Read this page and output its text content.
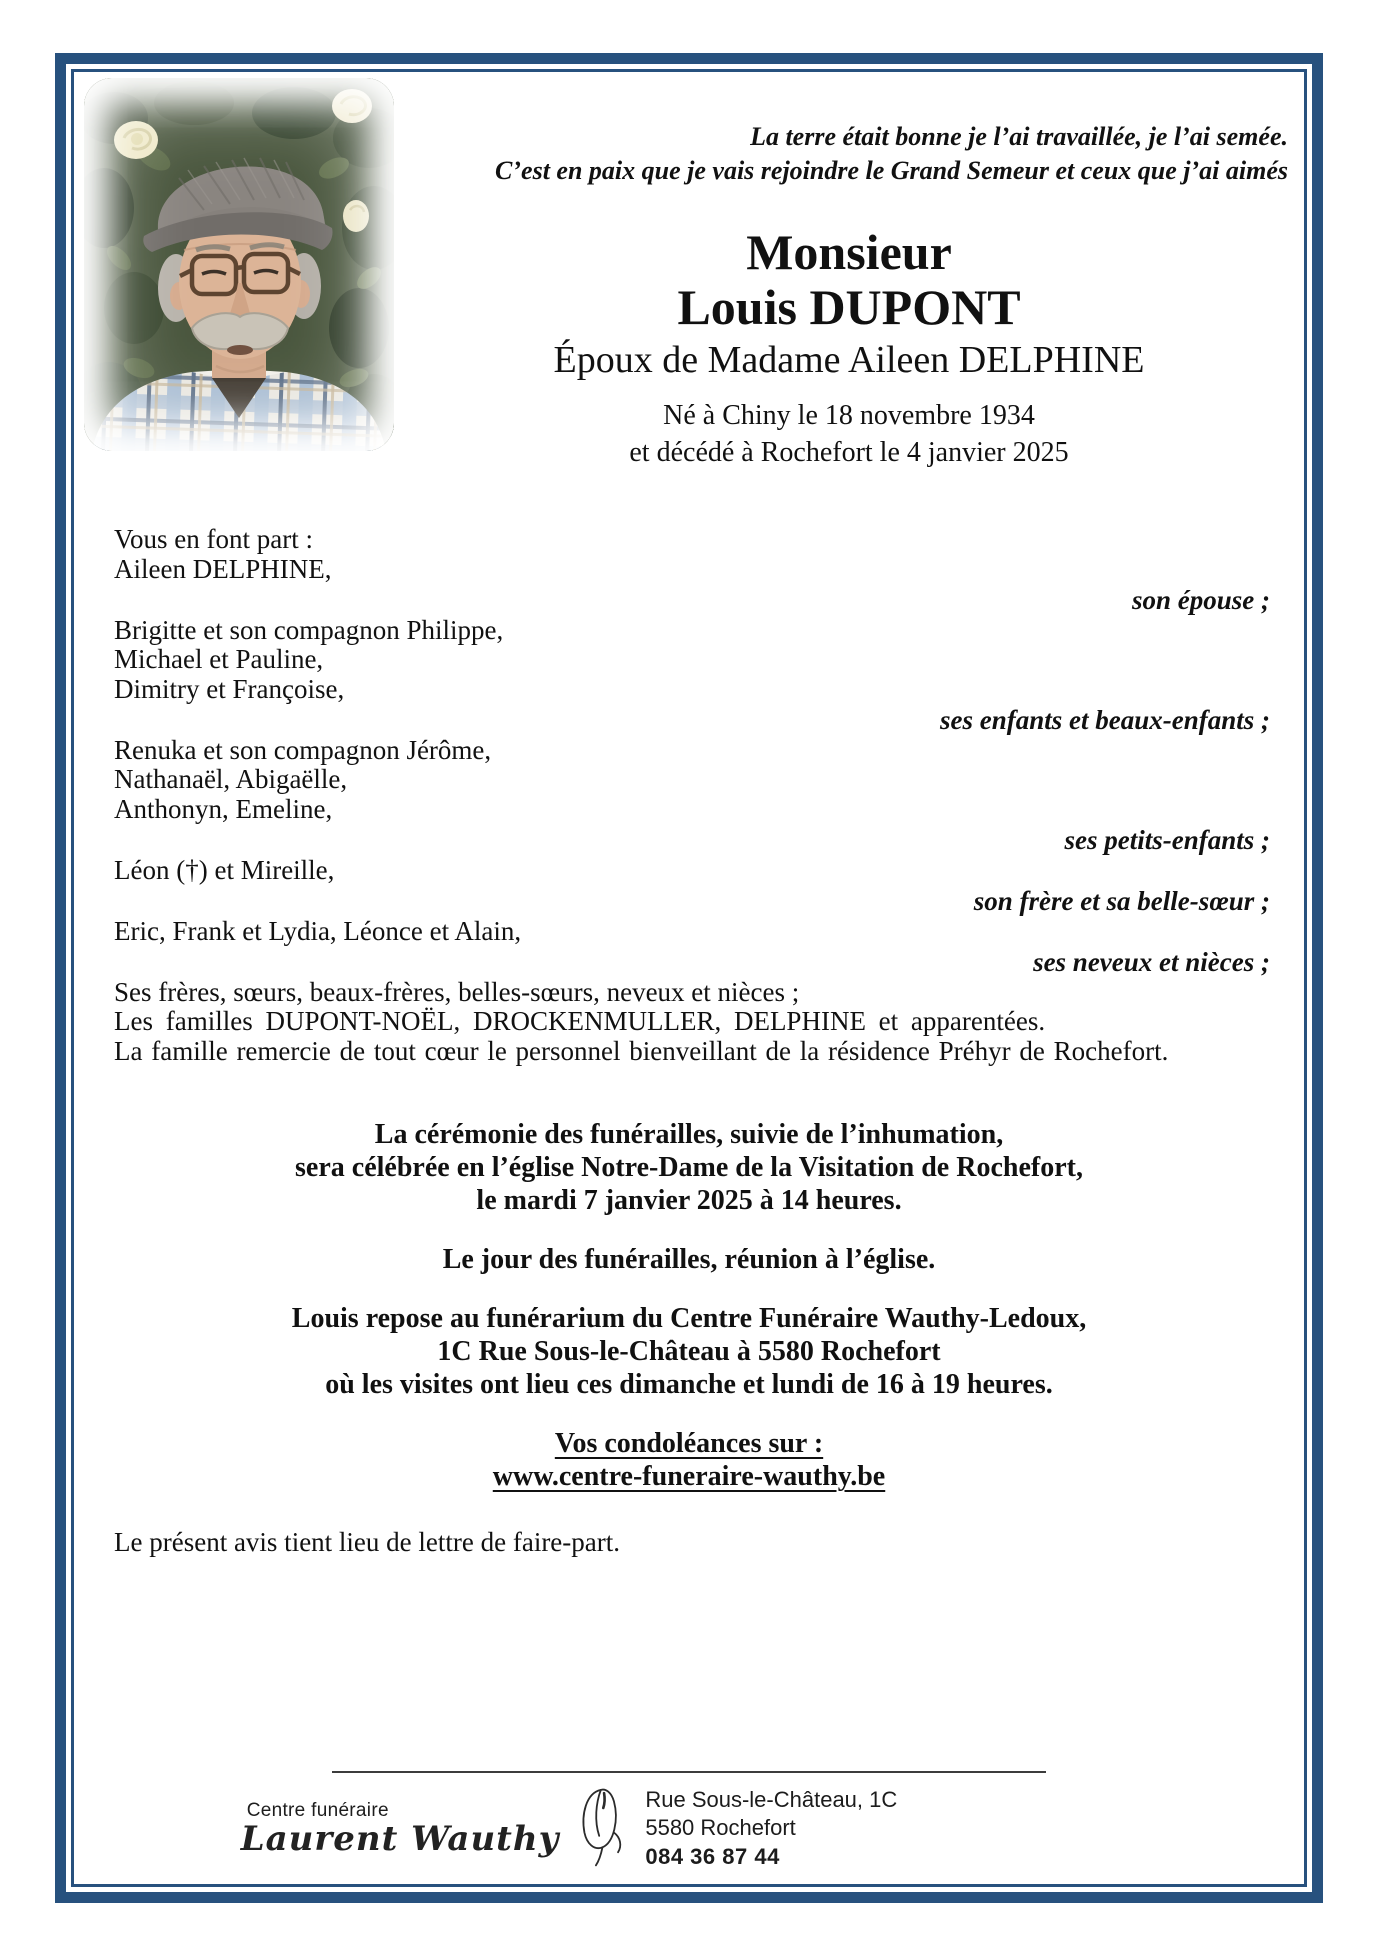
La terre était bonne je l’ai travaillée, je l’ai semée.
C’est en paix que je vais rejoindre le Grand Semeur et ceux que j’ai aimés
Monsieur
Louis DUPONT
Époux de Madame Aileen DELPHINE
Né à Chiny le 18 novembre 1934
et décédé à Rochefort le 4 janvier 2025

Vous en font part :

Aileen DELPHINE,

son épouse ;

Brigitte et son compagnon Philippe,

Michael et Pauline,

Dimitry et Françoise,

ses enfants et beaux-enfants ;

Renuka et son compagnon Jérôme,

Nathanaël, Abigaëlle,

Anthonyn, Emeline,

ses petits-enfants ;

Léon (†) et Mireille,

son frère et sa belle-sœur ;

Eric, Frank et Lydia, Léonce et Alain,

ses neveux et nièces ;

Ses frères, sœurs, beaux-frères, belles-sœurs, neveux et nièces ;

Les familles DUPONT-NOËL, DROCKENMULLER, DELPHINE et apparentées.

La famille remercie de tout cœur le personnel bienveillant de la résidence Préhyr de Rochefort.

La cérémonie des funérailles, suivie de l’inhumation,

sera célébrée en l’église Notre-Dame de la Visitation de Rochefort,

le mardi 7 janvier 2025 à 14 heures.

Le jour des funérailles, réunion à l’église.

Louis repose au funérarium du Centre Funéraire Wauthy-Ledoux,

1C Rue Sous-le-Château à 5580 Rochefort

où les visites ont lieu ces dimanche et lundi de 16 à 19 heures.

Vos condoléances sur :

www.centre-funeraire-wauthy.be

Le présent avis tient lieu de lettre de faire-part.

Centre funéraire
Laurent Wauthy
Rue Sous-le-Château, 1C
5580 Rochefort
084 36 87 44
